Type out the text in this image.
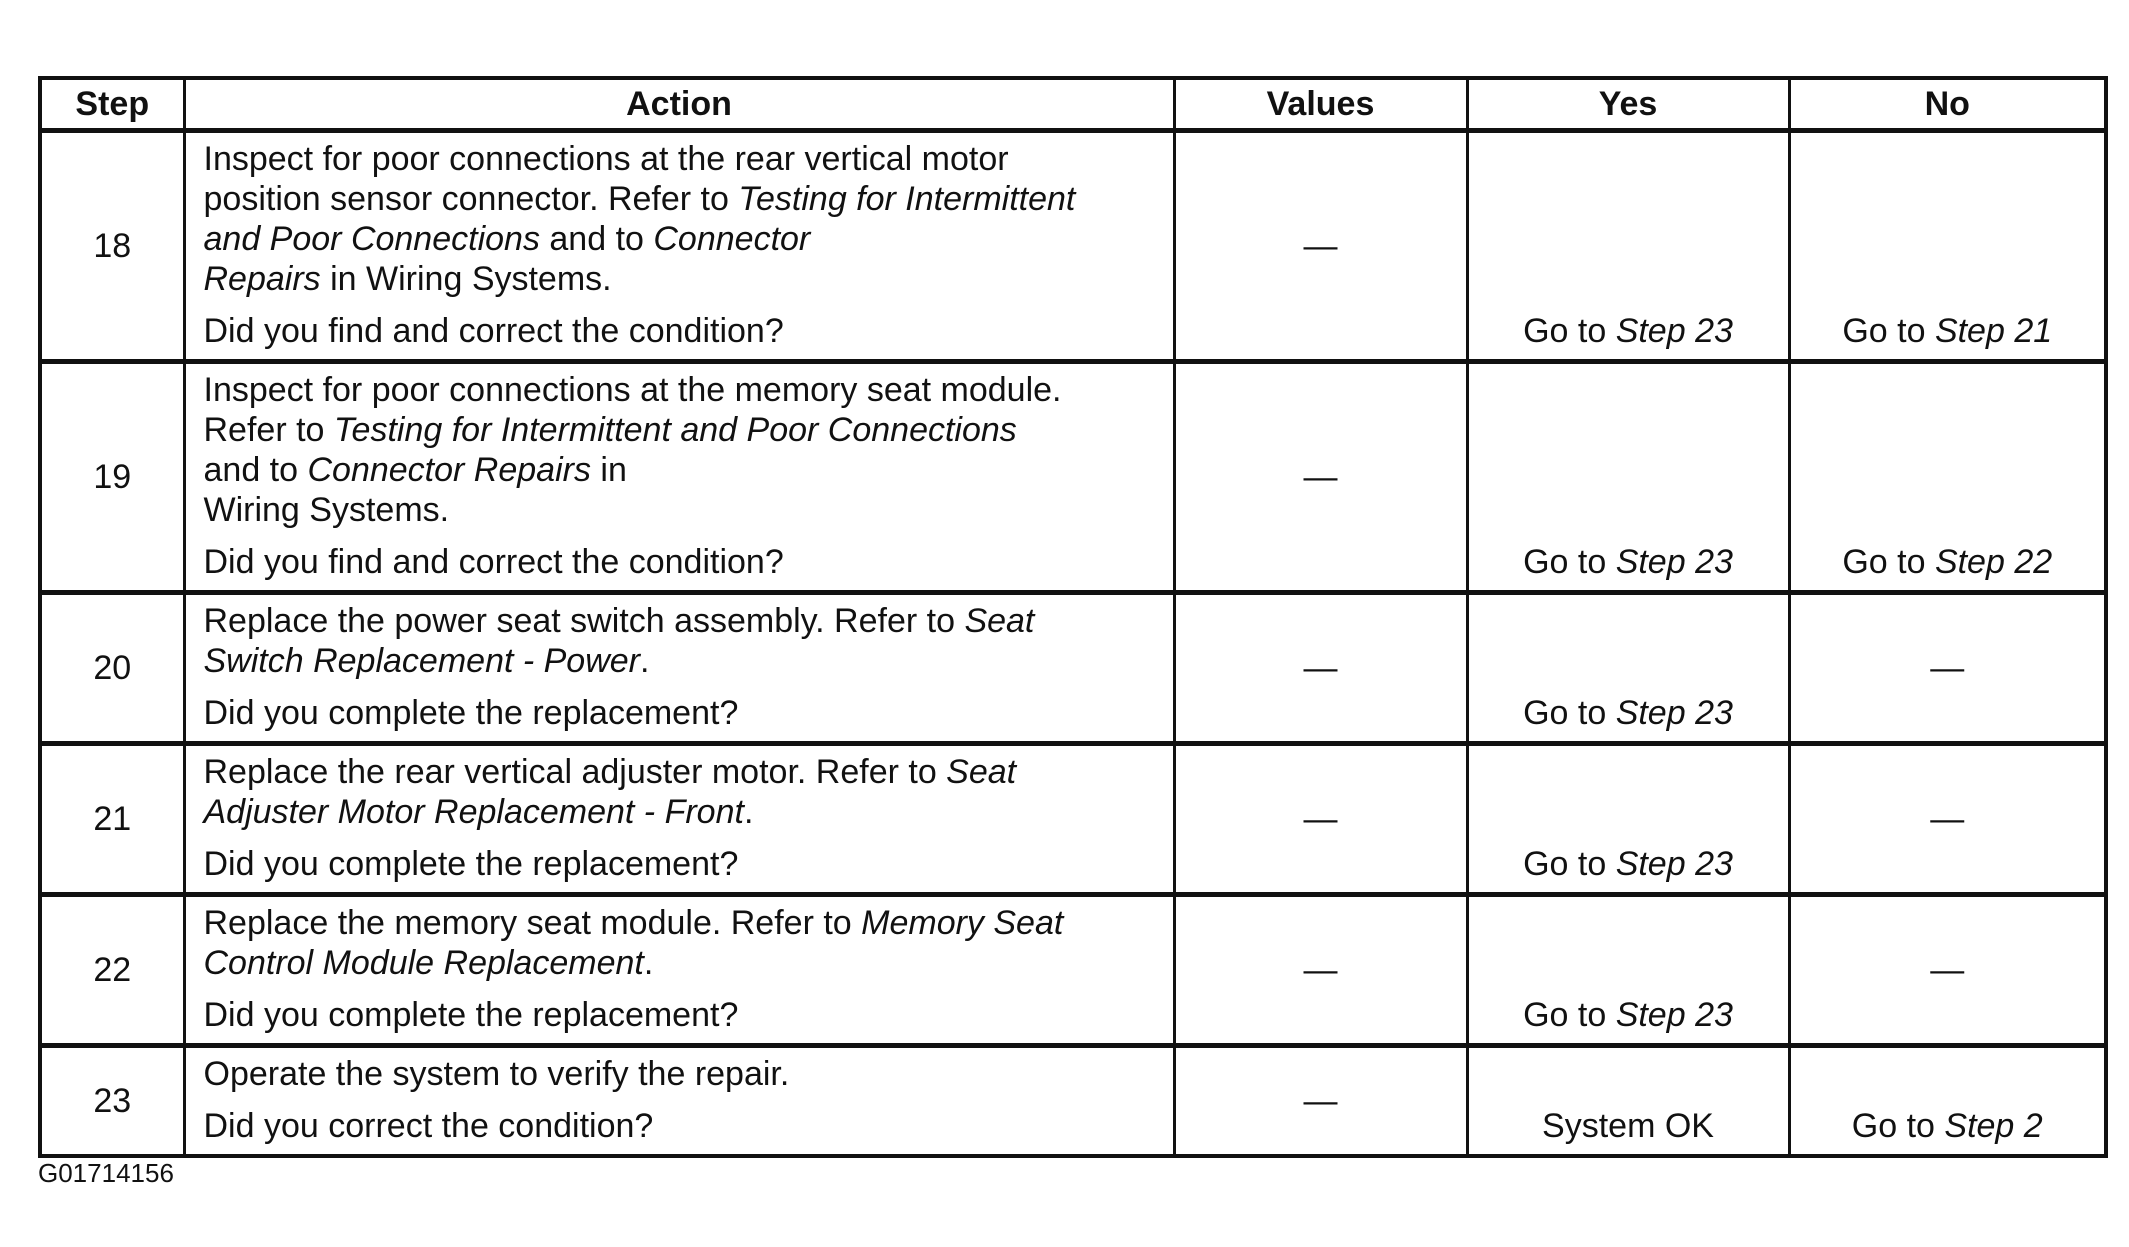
Step	Action	Values	Yes	No
18	Inspect for poor connections at the rear vertical motor
position sensor connector. Refer to Testing for Intermittent
and Poor Connections and to Connector
Repairs in Wiring Systems.

Did you find and correct the condition?	—	Go to Step 23	Go to Step 21
19	Inspect for poor connections at the memory seat module.
Refer to Testing for Intermittent and Poor Connections
and to Connector Repairs in
Wiring Systems.

Did you find and correct the condition?	—	Go to Step 23	Go to Step 22
20	Replace the power seat switch assembly. Refer to Seat
Switch Replacement - Power.

Did you complete the replacement?	—	Go to Step 23	—
21	Replace the rear vertical adjuster motor. Refer to Seat
Adjuster Motor Replacement - Front.

Did you complete the replacement?	—	Go to Step 23	—
22	Replace the memory seat module. Refer to Memory Seat
Control Module Replacement.

Did you complete the replacement?	—	Go to Step 23	—
23	Operate the system to verify the repair.

Did you correct the condition?	—	System OK	Go to Step 2
G01714156
